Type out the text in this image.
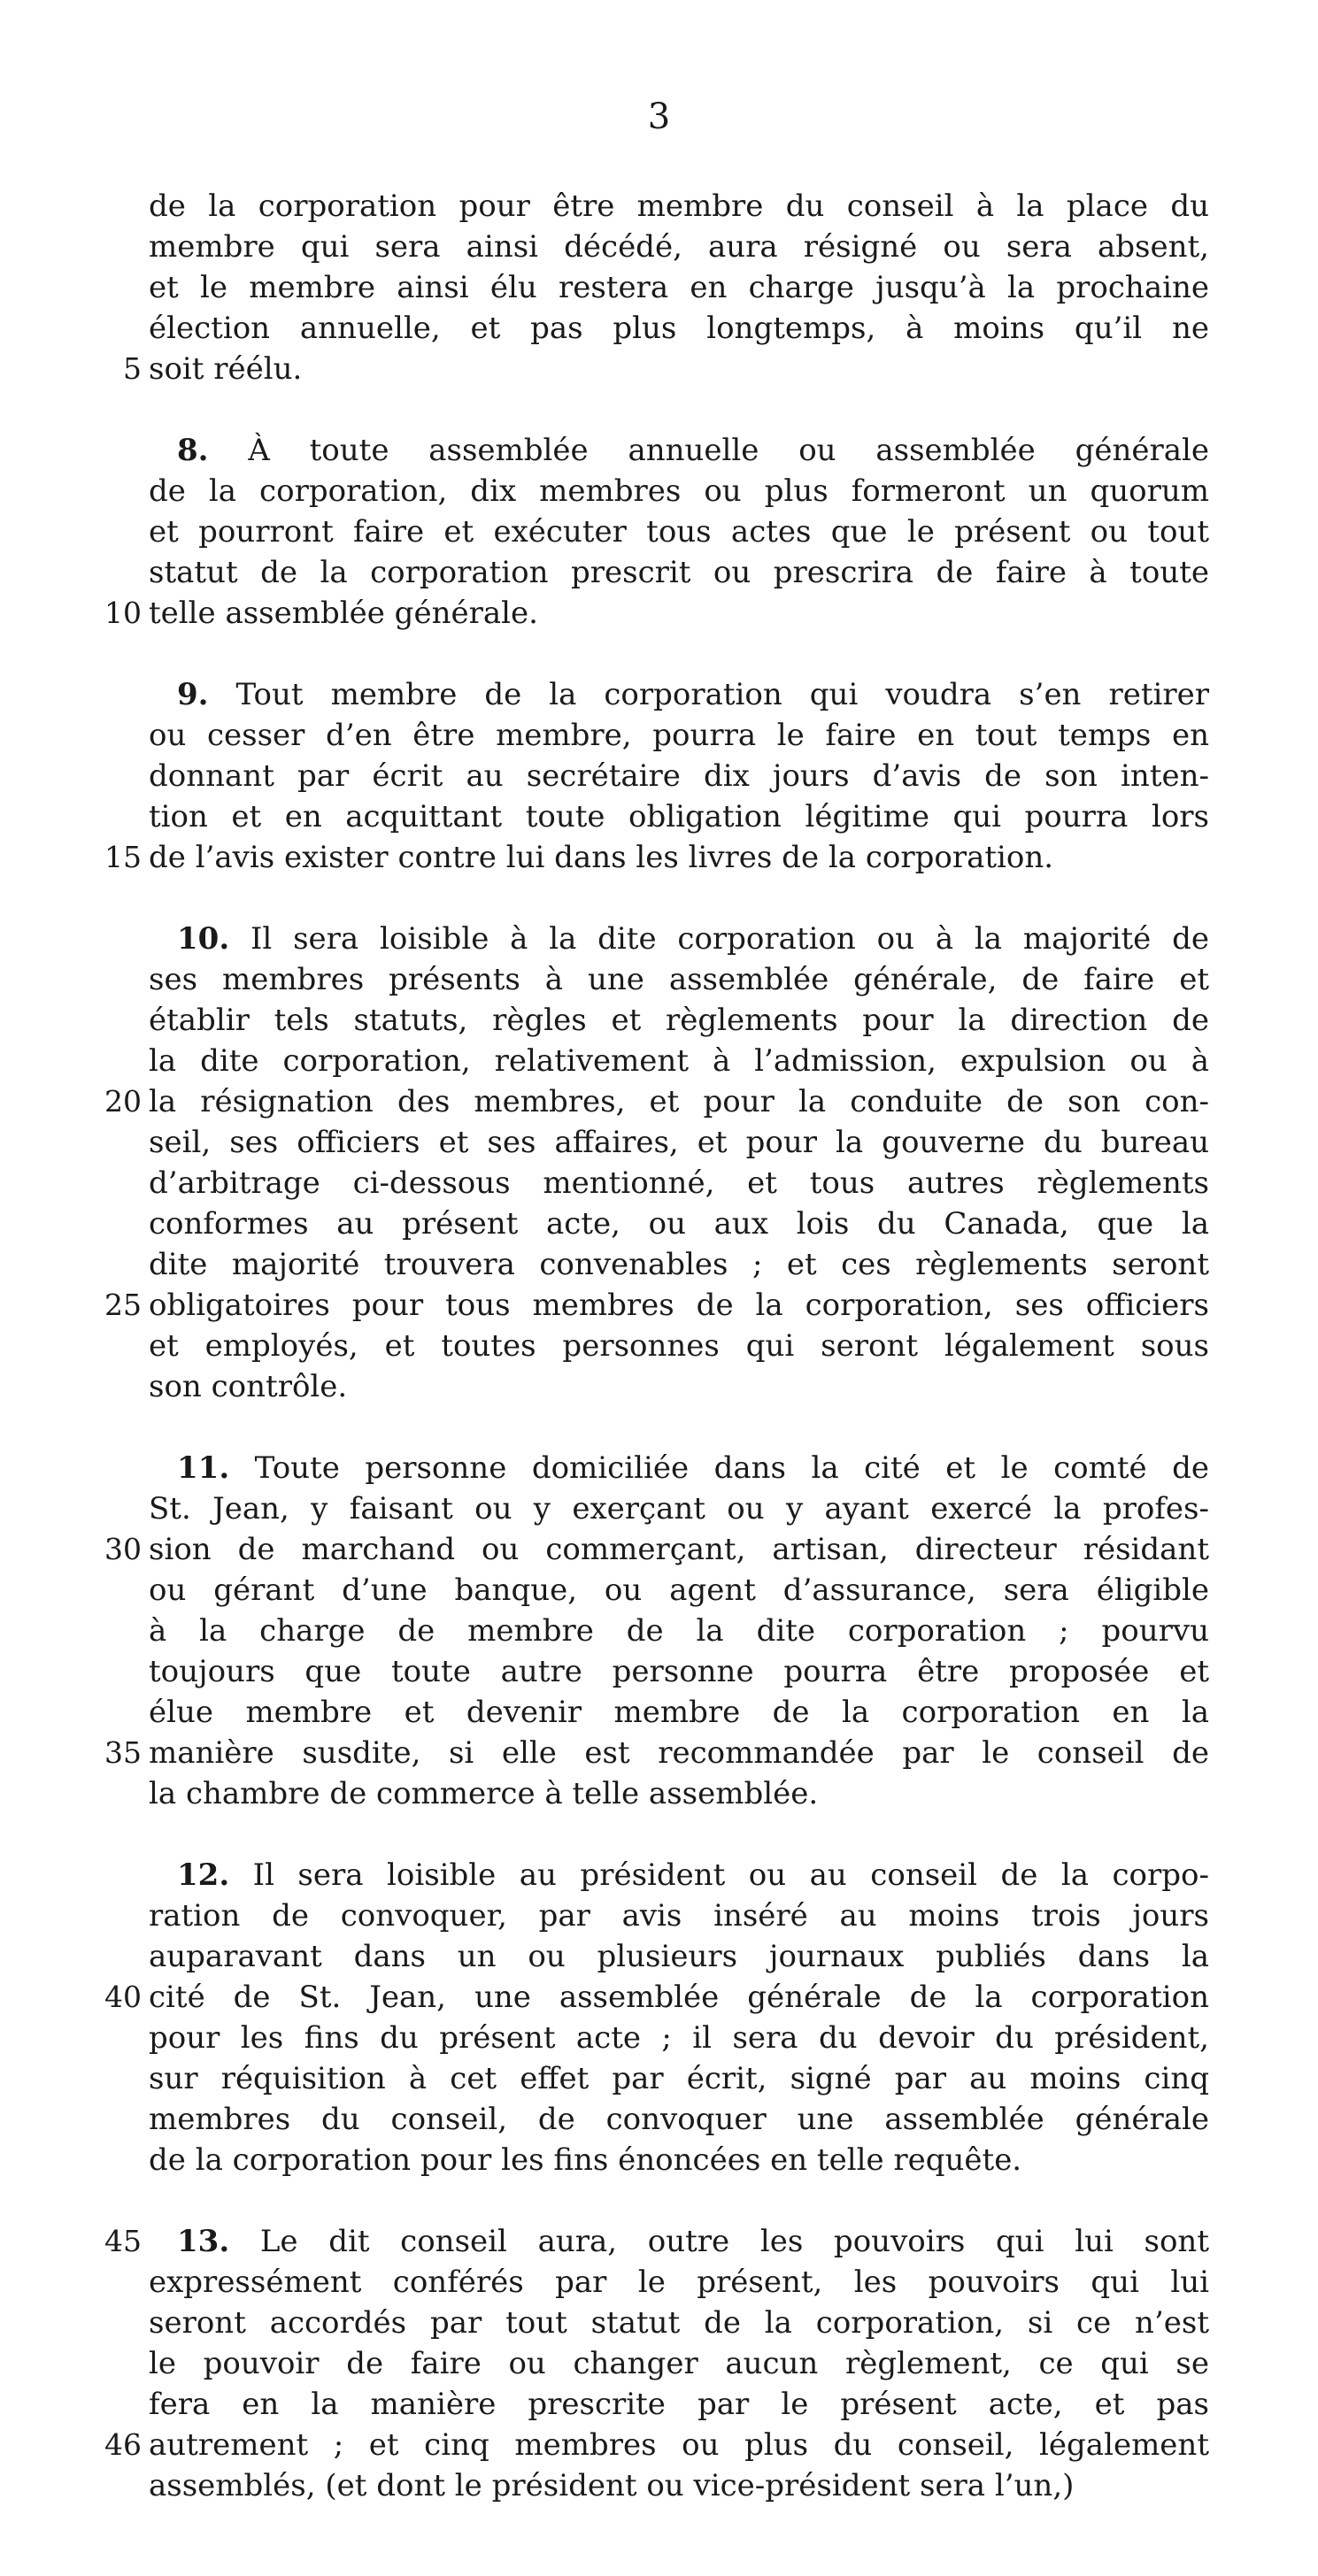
3
de la corporation pour être membre du conseil à la place du
membre qui sera ainsi décédé, aura résigné ou sera absent,
et le membre ainsi élu restera en charge jusqu’à la prochaine
élection annuelle, et pas plus longtemps, à moins qu’il ne
5 soit réélu.
8. À toute assemblée annuelle ou assemblée générale
de la corporation, dix membres ou plus formeront un quorum
et pourront faire et exécuter tous actes que le présent ou tout
statut de la corporation prescrit ou prescrira de faire à toute
10 telle assemblée générale.
9. Tout membre de la corporation qui voudra s’en retirer
ou cesser d’en être membre, pourra le faire en tout temps en
donnant par écrit au secrétaire dix jours d’avis de son inten-
tion et en acquittant toute obligation légitime qui pourra lors
15 de l’avis exister contre lui dans les livres de la corporation.
10. Il sera loisible à la dite corporation ou à la majorité de
ses membres présents à une assemblée générale, de faire et
établir tels statuts, règles et règlements pour la direction de
la dite corporation, relativement à l’admission, expulsion ou à
20 la résignation des membres, et pour la conduite de son con-
seil, ses officiers et ses affaires, et pour la gouverne du bureau
d’arbitrage ci-dessous mentionné, et tous autres règlements
conformes au présent acte, ou aux lois du Canada, que la
dite majorité trouvera convenables ; et ces règlements seront
25 obligatoires pour tous membres de la corporation, ses officiers
et employés, et toutes personnes qui seront légalement sous
son contrôle.
11. Toute personne domiciliée dans la cité et le comté de
St. Jean, y faisant ou y exerçant ou y ayant exercé la profes-
30 sion de marchand ou commerçant, artisan, directeur résidant
ou gérant d’une banque, ou agent d’assurance, sera éligible
à la charge de membre de la dite corporation ; pourvu
toujours que toute autre personne pourra être proposée et
élue membre et devenir membre de la corporation en la
35 manière susdite, si elle est recommandée par le conseil de
la chambre de commerce à telle assemblée.
12. Il sera loisible au président ou au conseil de la corpo-
ration de convoquer, par avis inséré au moins trois jours
auparavant dans un ou plusieurs journaux publiés dans la
40 cité de St. Jean, une assemblée générale de la corporation
pour les fins du présent acte ; il sera du devoir du président,
sur réquisition à cet effet par écrit, signé par au moins cinq
membres du conseil, de convoquer une assemblée générale
de la corporation pour les fins énoncées en telle requête.
45 13. Le dit conseil aura, outre les pouvoirs qui lui sont
expressément conférés par le présent, les pouvoirs qui lui
seront accordés par tout statut de la corporation, si ce n’est
le pouvoir de faire ou changer aucun règlement, ce qui se
fera en la manière prescrite par le présent acte, et pas
46 autrement ; et cinq membres ou plus du conseil, légalement
assemblés, (et dont le président ou vice-président sera l’un,)
